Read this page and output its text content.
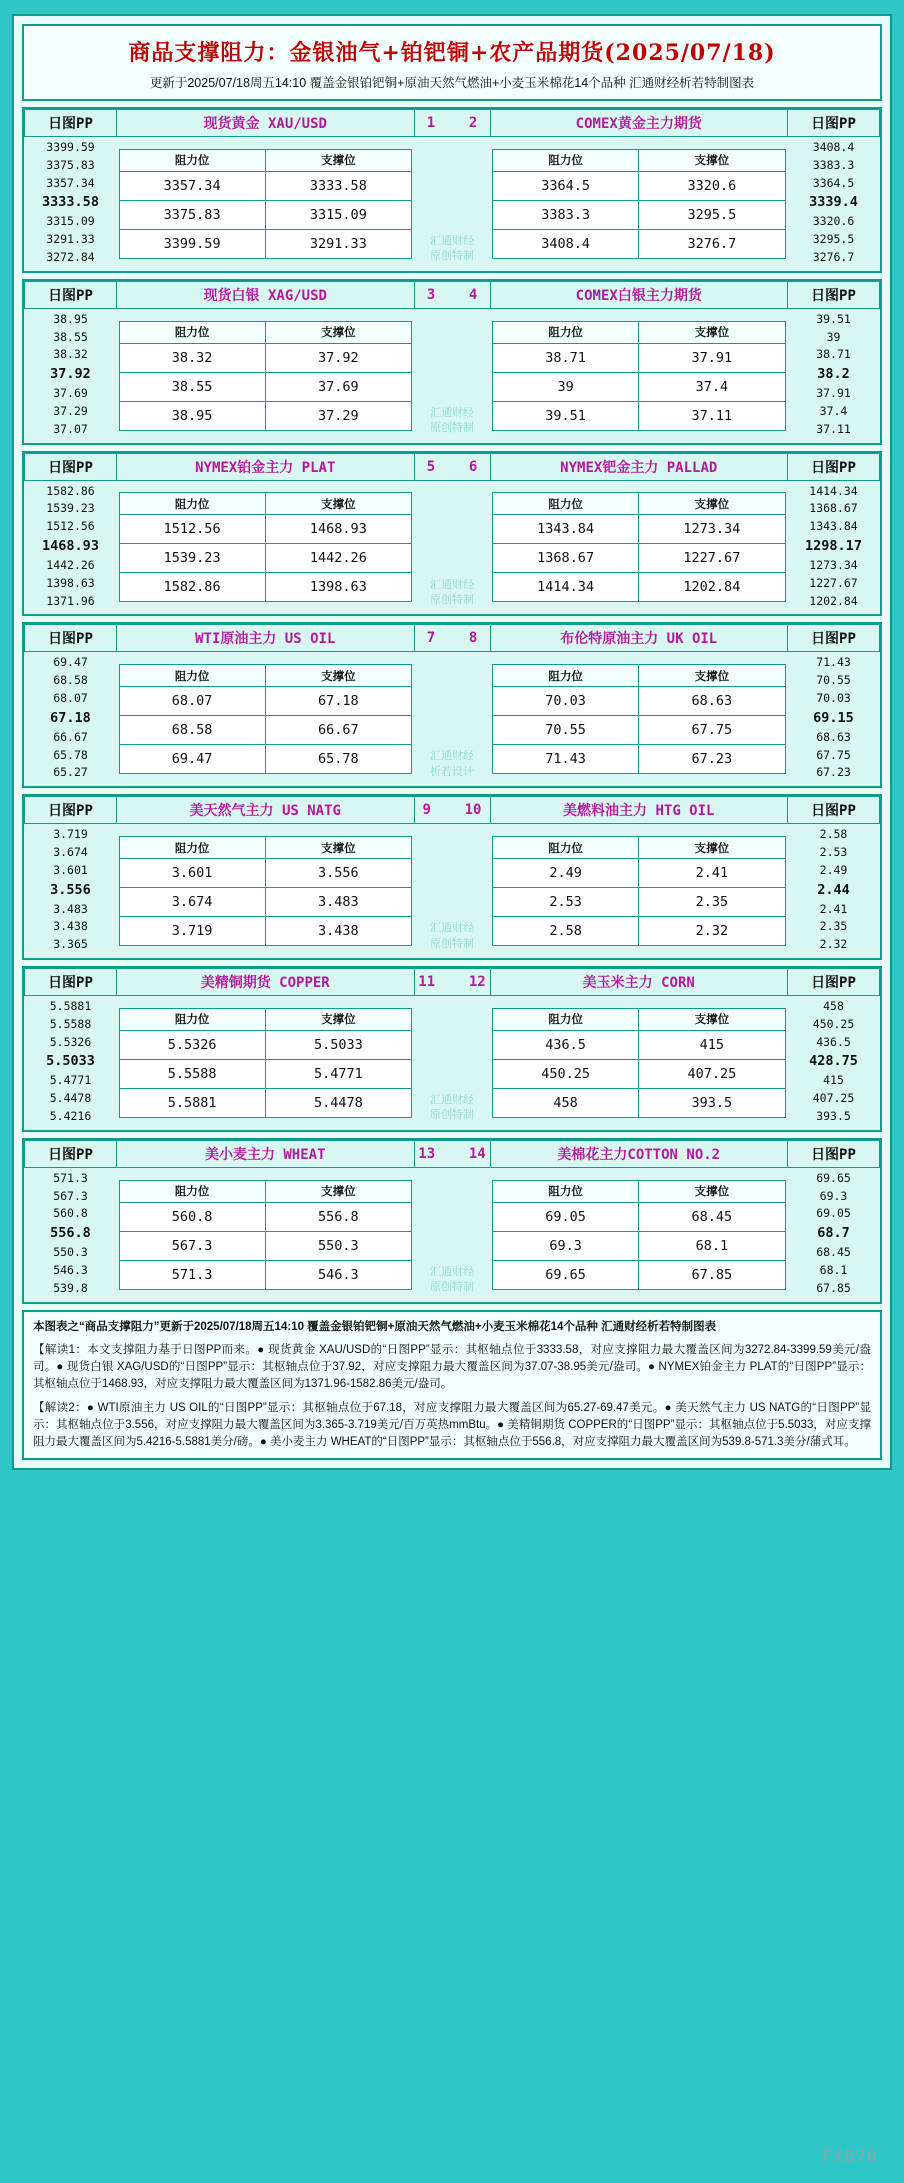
商品支撑阻力：金银油气+铂钯铜+农产品期货(2025/07/18)
更新于2025/07/18周五14:10 覆盖金银铂钯铜+原油天然气燃油+小麦玉米棉花14个品种 汇通财经析若特制图表
日图PP	现货黄金 XAU/USD	1    2	COMEX黄金主力期货	日图PP

3399.59
3375.83
3357.34
3333.58
3315.09
3291.33
3272.84

阻力位	支撑位
3357.34	3333.58
3375.83	3315.09
3399.59	3291.33
		汇通财经
原创特制

阻力位	支撑位
3364.5	3320.6
3383.3	3295.5
3408.4	3276.7

3408.4
3383.3
3364.5
3339.4
3320.6
3295.5
3276.7
日图PP	现货白银 XAG/USD	3    4	COMEX白银主力期货	日图PP

38.95
38.55
38.32
37.92
37.69
37.29
37.07

阻力位	支撑位
38.32	37.92
38.55	37.69
38.95	37.29
		汇通财经
原创特制

阻力位	支撑位
38.71	37.91
39	37.4
39.51	37.11

39.51
39
38.71
38.2
37.91
37.4
37.11
日图PP	NYMEX铂金主力 PLAT	5    6	NYMEX钯金主力 PALLAD	日图PP

1582.86
1539.23
1512.56
1468.93
1442.26
1398.63
1371.96

阻力位	支撑位
1512.56	1468.93
1539.23	1442.26
1582.86	1398.63
		汇通财经
原创特制

阻力位	支撑位
1343.84	1273.34
1368.67	1227.67
1414.34	1202.84

1414.34
1368.67
1343.84
1298.17
1273.34
1227.67
1202.84
日图PP	WTI原油主力 US OIL	7    8	布伦特原油主力 UK OIL	日图PP

69.47
68.58
68.07
67.18
66.67
65.78
65.27

阻力位	支撑位
68.07	67.18
68.58	66.67
69.47	65.78
		汇通财经
析若设计

阻力位	支撑位
70.03	68.63
70.55	67.75
71.43	67.23

71.43
70.55
70.03
69.15
68.63
67.75
67.23
日图PP	美天然气主力 US NATG	9    10	美燃料油主力 HTG OIL	日图PP

3.719
3.674
3.601
3.556
3.483
3.438
3.365

阻力位	支撑位
3.601	3.556
3.674	3.483
3.719	3.438
		汇通财经
原创特制

阻力位	支撑位
2.49	2.41
2.53	2.35
2.58	2.32

2.58
2.53
2.49
2.44
2.41
2.35
2.32
日图PP	美精铜期货 COPPER	11    12	美玉米主力 CORN	日图PP

5.5881
5.5588
5.5326
5.5033
5.4771
5.4478
5.4216

阻力位	支撑位
5.5326	5.5033
5.5588	5.4771
5.5881	5.4478
		汇通财经
原创特制

阻力位	支撑位
436.5	415
450.25	407.25
458	393.5

458
450.25
436.5
428.75
415
407.25
393.5
日图PP	美小麦主力 WHEAT	13    14	美棉花主力COTTON NO.2	日图PP

571.3
567.3
560.8
556.8
550.3
546.3
539.8

阻力位	支撑位
560.8	556.8
567.3	550.3
571.3	546.3
		汇通财经
原创特制

阻力位	支撑位
69.05	68.45
69.3	68.1
69.65	67.85

69.65
69.3
69.05
68.7
68.45
68.1
67.85
本图表之“商品支撑阻力”更新于2025/07/18周五14:10 覆盖金银铂钯铜+原油天然气燃油+小麦玉米棉花14个品种 汇通财经析若特制图表
【解读1：本文支撑阻力基于日图PP而来。● 现货黄金 XAU/USD的“日图PP”显示：其枢轴点位于3333.58，对应支撑阻力最大覆盖区间为3272.84-3399.59美元/盎司。● 现货白银 XAG/USD的“日图PP”显示：其枢轴点位于37.92，对应支撑阻力最大覆盖区间为37.07-38.95美元/盎司。● NYMEX铂金主力 PLAT的“日图PP”显示：其枢轴点位于1468.93，对应支撑阻力最大覆盖区间为1371.96-1582.86美元/盎司。
【解读2：● WTI原油主力 US OIL的“日图PP”显示：其枢轴点位于67.18，对应支撑阻力最大覆盖区间为65.27-69.47美元。● 美天然气主力 US NATG的“日图PP”显示：其枢轴点位于3.556，对应支撑阻力最大覆盖区间为3.365-3.719美元/百万英热mmBtu。● 美精铜期货 COPPER的“日图PP”显示：其枢轴点位于5.5033，对应支撑阻力最大覆盖区间为5.4216-5.5881美分/磅。● 美小麦主力 WHEAT的“日图PP”显示：其枢轴点位于556.8，对应支撑阻力最大覆盖区间为539.8-571.3美分/蒲式耳。
FX678
